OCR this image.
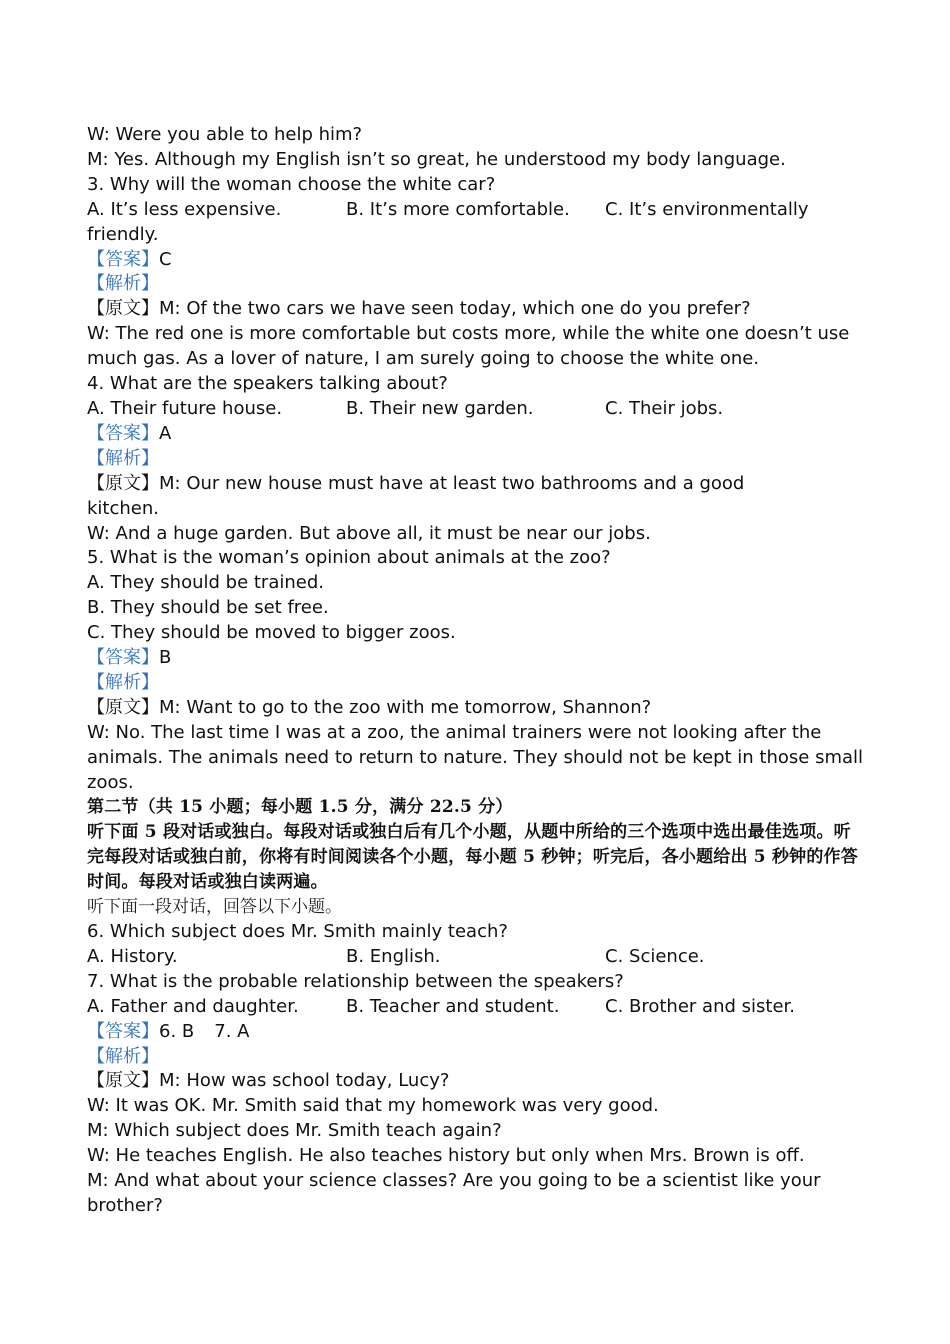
W: Were you able to help him?
M: Yes. Although my English isn’t so great, he understood my body language.
3. Why will the woman choose the white car?
A. It’s less expensive.	B. It’s more comfortable. C. It’s environmentally friendly.
【答案】C
【解析】
【原文】M: Of the two cars we have seen today, which one do you prefer?
W: The red one is more comfortable but costs more, while the white one doesn’t use much gas. As a lover of nature, I am surely going to choose the white one.
4. What are the speakers talking about?
A. Their future house.	B. Their new garden.	C. Their jobs.
【答案】A
【解析】
【原文】M: Our new house must have at least two bathrooms and a good kitchen.
W: And a huge garden. But above all, it must be near our jobs.
5. What is the woman’s opinion about animals at the zoo?
A. They should be trained.
B. They should be set free.
C. They should be moved to bigger zoos.
【答案】B
【解析】
【原文】M: Want to go to the zoo with me tomorrow, Shannon?
W: No. The last time I was at a zoo, the animal trainers were not looking after the animals. The animals need to return to nature. They should not be kept in those small zoos.
第二节（共 15 小题；每小题 1.5 分，满分 22.5 分）
听下面 5 段对话或独白。每段对话或独白后有几个小题，从题中所给的三个选项中选出最佳选项。听完每段对话或独白前，你将有时间阅读各个小题，每小题 5 秒钟；听完后，各小题给出 5 秒钟的作答时间。每段对话或独白读两遍。
听下面一段对话，回答以下小题。
6. Which subject does Mr. Smith mainly teach?
A. History.	B. English.	C. Science.
7. What is the probable relationship between the speakers?
A. Father and daughter.	B. Teacher and student.	C. Brother and sister.
【答案】6. B 7. A
【解析】
【原文】M: How was school today, Lucy?
W: It was OK. Mr. Smith said that my homework was very good.
M: Which subject does Mr. Smith teach again?
W: He teaches English. He also teaches history but only when Mrs. Brown is off.
M: And what about your science classes? Are you going to be a scientist like your brother?
